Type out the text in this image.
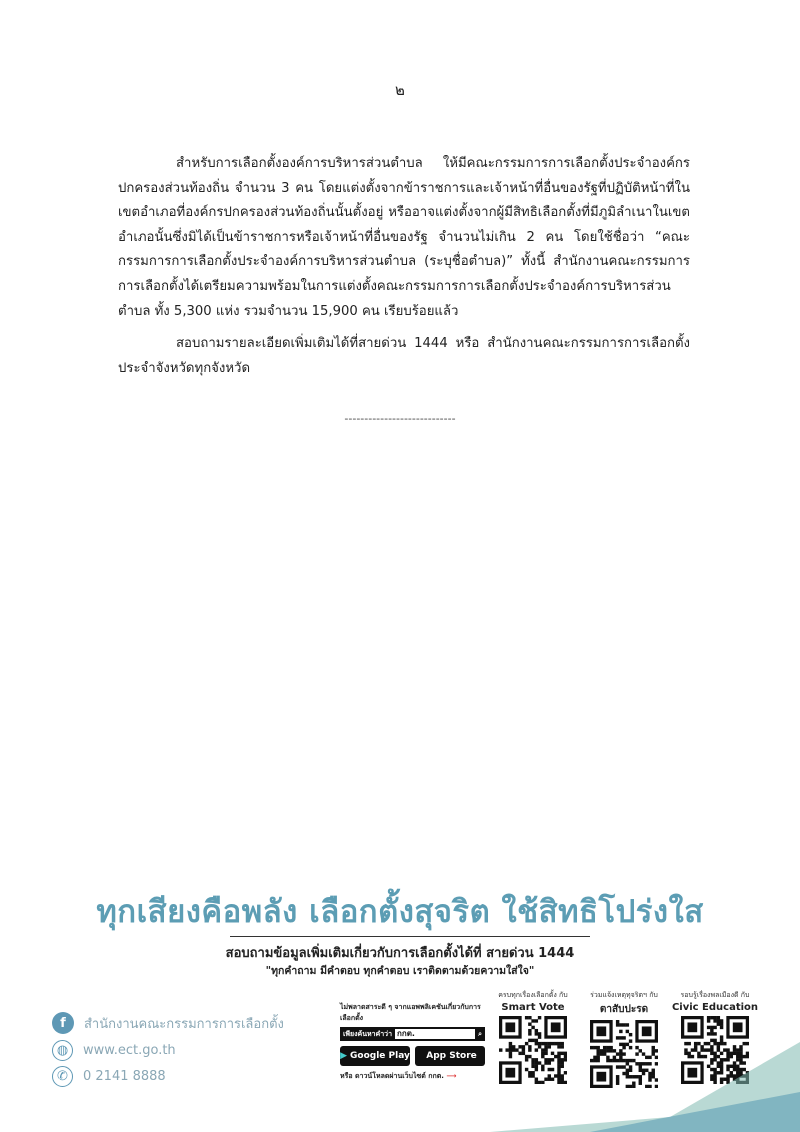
๒

สำหรับการเลือกตั้งองค์การบริหารส่วนตำบล ให้มีคณะกรรมการการเลือกตั้งประจำองค์กรปกครองส่วนท้องถิ่น จำนวน 3 คน โดยแต่งตั้งจากข้าราชการและเจ้าหน้าที่อื่นของรัฐที่ปฏิบัติหน้าที่ในเขตอำเภอที่องค์กรปกครองส่วนท้องถิ่นนั้นตั้งอยู่ หรืออาจแต่งตั้งจากผู้มีสิทธิเลือกตั้งที่มีภูมิลำเนาในเขตอำเภอนั้นซึ่งมิได้เป็นข้าราชการหรือเจ้าหน้าที่อื่นของรัฐ จำนวนไม่เกิน 2 คน โดยใช้ชื่อว่า “คณะกรรมการการเลือกตั้งประจำองค์การบริหารส่วนตำบล (ระบุชื่อตำบล)” ทั้งนี้ สำนักงานคณะกรรมการการเลือกตั้งได้เตรียมความพร้อมในการแต่งตั้งคณะกรรมการการเลือกตั้งประจำองค์การบริหารส่วนตำบล ทั้ง 5,300 แห่ง รวมจำนวน 15,900 คน เรียบร้อยแล้ว

สอบถามรายละเอียดเพิ่มเติมได้ที่สายด่วน 1444 หรือ สำนักงานคณะกรรมการการเลือกตั้งประจำจังหวัดทุกจังหวัด

----------------------------
ทุกเสียงคือพลัง เลือกตั้งสุจริต ใช้สิทธิโปร่งใส
สอบถามข้อมูลเพิ่มเติมเกี่ยวกับการเลือกตั้งได้ที่ สายด่วน 1444
"ทุกคำถาม มีคำตอบ ทุกคำตอบ เราติดตามด้วยความใส่ใจ"
f	สำนักงานคณะกรรมการการเลือกตั้ง
◍	www.ect.go.th
✆	0 2141 8888
ไม่พลาดสาระดี ๆ จากแอพพลิเคชันเกี่ยวกับการเลือกตั้ง
เพียงค้นหาคำว่า กกต.	⌕
▶ Google Play App Store
หรือ ดาวน์โหลดผ่านเว็บไซต์ กกต. ⟶
ครบทุกเรื่องเลือกตั้ง กับ
Smart Vote
ร่วมแจ้งเหตุทุจริตฯ กับ
ตาสับปะรด
รอบรู้เรื่องพลเมืองดี กับ
Civic Education
